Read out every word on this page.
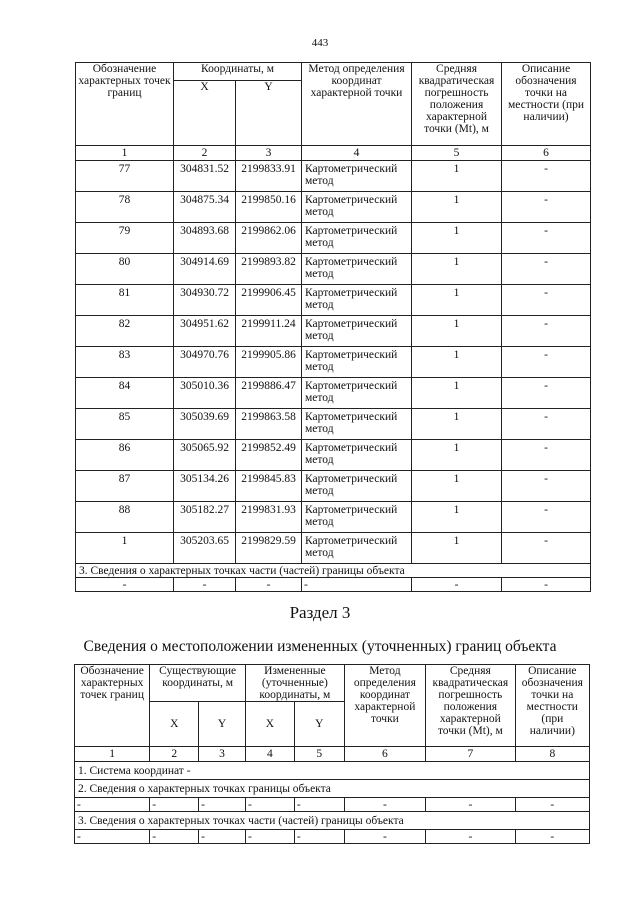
443
Обозначение характерных точек границ	Координаты, м		Метод определения координат характерной точки	Средняя квадратическая погрешность положения характерной точки (Mt), м	Описание обозначения точки на местности (при наличии)
	X	Y			
1	2	3	4	5	6
77	304831.52	2199833.91	Картометрический метод	1	-
78	304875.34	2199850.16	Картометрический метод	1	-
79	304893.68	2199862.06	Картометрический метод	1	-
80	304914.69	2199893.82	Картометрический метод	1	-
81	304930.72	2199906.45	Картометрический метод	1	-
82	304951.62	2199911.24	Картометрический метод	1	-
83	304970.76	2199905.86	Картометрический метод	1	-
84	305010.36	2199886.47	Картометрический метод	1	-
85	305039.69	2199863.58	Картометрический метод	1	-
86	305065.92	2199852.49	Картометрический метод	1	-
87	305134.26	2199845.83	Картометрический метод	1	-
88	305182.27	2199831.93	Картометрический метод	1	-
1	305203.65	2199829.59	Картометрический метод	1	-
3. Сведения о характерных точках части (частей) границы объекта					
-	-	-	-	-	-
Раздел 3
Сведения о местоположении измененных (уточненных) границ объекта
Обозначение характерных точек границ	Существующие координаты, м		Измененные (уточненные) координаты, м		Метод определения координат характерной точки	Средняя квадратическая погрешность положения характерной точки (Mt), м	Описание обозначения точки на местности (при наличии)
	X	Y	X	Y			
1	2	3	4	5	6	7	8
1. Система координат -							
2. Сведения о характерных точках границы объекта							
-	-	-	-	-	-	-	-
3. Сведения о характерных точках части (частей) границы объекта							
-	-	-	-	-	-	-	-
